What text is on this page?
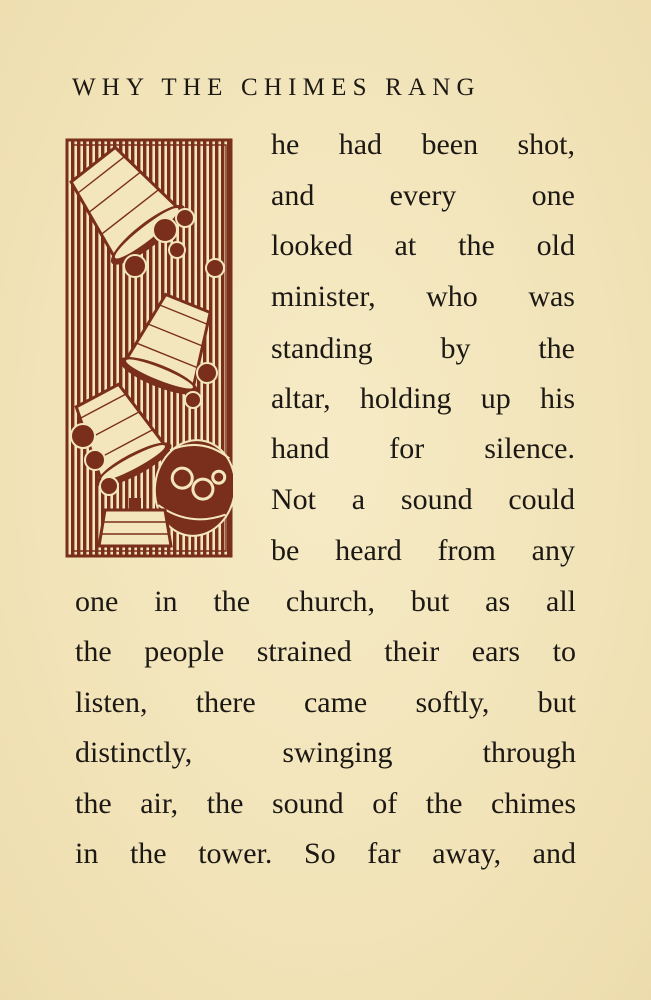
WHY THE CHIMES RANG

he had been shot,

and every one

looked at the old

minister, who was

standing by the

altar, holding up his

hand for silence.

Not a sound could

be heard from any

one in the church, but as all

the people strained their ears to

listen, there came softly, but

distinctly, swinging through

the air, the sound of the chimes

in the tower. So far away, and
